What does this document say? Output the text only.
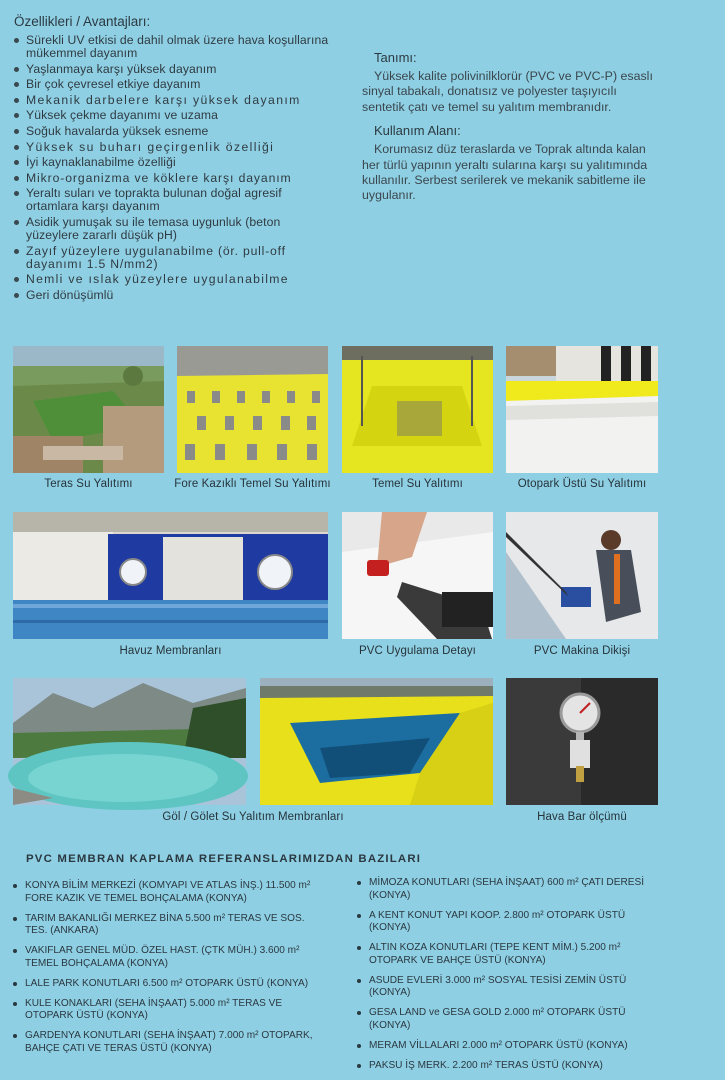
Özellikleri / Avantajları:
Sürekli UV etkisi de dahil olmak üzere hava koşullarına mükemmel dayanım
Yaşlanmaya karşı yüksek dayanım
Bir çok çevresel etkiye dayanım
Mekanik darbelere karşı yüksek dayanım
Yüksek çekme dayanımı ve uzama
Soğuk havalarda yüksek esneme
Yüksek su buharı geçirgenlik özelliği
İyi kaynaklanabilme özelliği
Mikro-organizma ve köklere karşı dayanım
Yeraltı suları ve toprakta bulunan doğal agresif ortamlara karşı dayanım
Asidik yumuşak su ile temasa uygunluk (beton yüzeylere zararlı düşük pH)
Zayıf yüzeylere uygulanabilme (ör. pull-off dayanımı 1.5 N/mm2)
Nemli ve ıslak yüzeylere uygulanabilme
Geri dönüşümlü
Tanımı:

Yüksek kalite polivinilklorür (PVC ve PVC-P) esaslı sinyal tabakalı, donatısız ve polyester taşıyıcılı sentetik çatı ve temel su yalıtım membranıdır.

Kullanım Alanı:

Korumasız düz teraslarda ve Toprak altında kalan her türlü yapının yeraltı sularına karşı su yalıtımında kullanılır. Serbest serilerek ve mekanik sabitleme ile uygulanır.

Teras Su Yalıtımı	Fore Kazıklı Temel Su Yalıtımı	Temel Su Yalıtımı	Otopark Üstü Su Yalıtımı
Havuz Membranları	PVC Uygulama Detayı	PVC Makina Dikişi
Göl / Gölet Su Yalıtım Membranları	Hava Bar ölçümü
PVC MEMBRAN KAPLAMA REFERANSLARIMIZDAN BAZILARI
KONYA BİLİM MERKEZİ (KOMYAPI VE ATLAS İNŞ.) 11.500 m² FORE KAZIK VE TEMEL BOHÇALAMA (KONYA)
TARIM BAKANLIĞI MERKEZ BİNA 5.500 m² TERAS VE SOS. TES. (ANKARA)
VAKIFLAR GENEL MÜD. ÖZEL HAST. (ÇTK MÜH.) 3.600 m² TEMEL BOHÇALAMA (KONYA)
LALE PARK KONUTLARI 6.500 m² OTOPARK ÜSTÜ (KONYA)
KULE KONAKLARI (SEHA İNŞAAT) 5.000 m² TERAS VE OTOPARK ÜSTÜ (KONYA)
GARDENYA KONUTLARI (SEHA İNŞAAT) 7.000 m² OTOPARK, BAHÇE ÇATI VE TERAS ÜSTÜ (KONYA)
MİMOZA KONUTLARI (SEHA İNŞAAT) 600 m² ÇATI DERESİ (KONYA)
A KENT KONUT YAPI KOOP. 2.800 m² OTOPARK ÜSTÜ (KONYA)
ALTIN KOZA KONUTLARI (TEPE KENT MİM.) 5.200 m² OTOPARK VE BAHÇE ÜSTÜ (KONYA)
ASUDE EVLERİ 3.000 m² SOSYAL TESİSİ ZEMİN ÜSTÜ (KONYA)
GESA LAND ve GESA GOLD 2.000 m² OTOPARK ÜSTÜ (KONYA)
MERAM VİLLALARI 2.000 m² OTOPARK ÜSTÜ (KONYA)
PAKSU İŞ MERK. 2.200 m² TERAS ÜSTÜ (KONYA)
